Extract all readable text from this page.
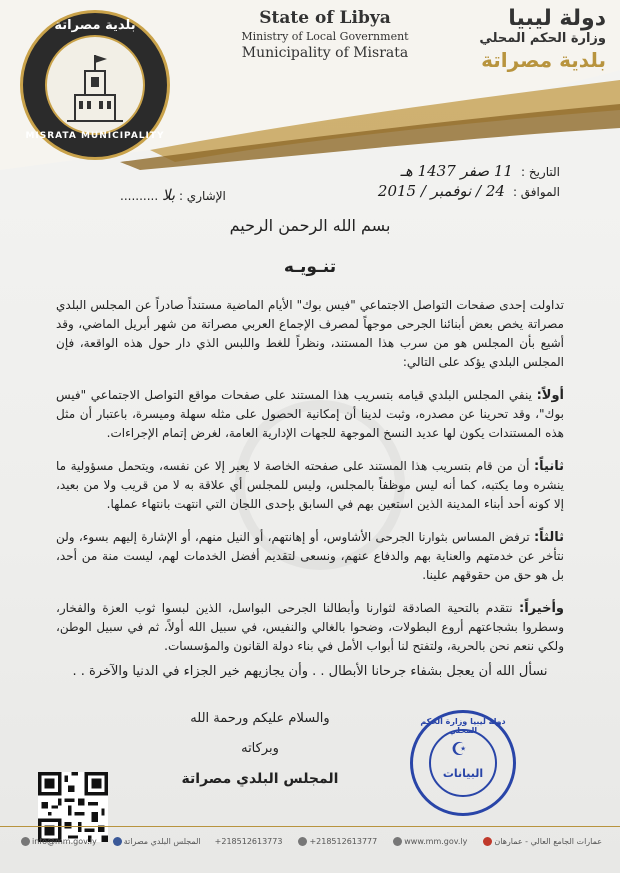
بلدية مصراتة
MISRATA MUNICIPALITY
State of Libya
Ministry of Local Government
Municipality of Misrata
دولة ليبيا
وزارة الحكم المحلي
بلدية مصراتة
التاريخ :
11 صفر 1437 هـ
الموافق :
24 / نوفمبر / 2015
الإشاري : بلا ..........
بسم الله الرحمن الرحيم
تنـويـه

تداولت إحدى صفحات التواصل الاجتماعي "فيس بوك" الأيام الماضية مستنداً صادراً عن المجلس البلدي مصراتة يخص بعض أبنائنا الجرحى موجهاً لمصرف الإجماع العربي مصراتة من شهر أبريل الماضي، وقد أشيع بأن المجلس هو من سرب هذا المستند، ونظراً للغط واللبس الذي دار حول هذه الواقعة، فإن المجلس البلدي يؤكد على التالي:

أولاً: ينفي المجلس البلدي قيامه بتسريب هذا المستند على صفحات مواقع التواصل الاجتماعي "فيس بوك"، وقد تحرينا عن مصدره، وثبت لدينا أن إمكانية الحصول على مثله سهلة وميسرة، باعتبار أن مثل هذه المستندات يكون لها عديد النسخ الموجهة للجهات الإدارية العامة، لغرض إتمام الإجراءات.

ثانياً: أن من قام بتسريب هذا المستند على صفحته الخاصة لا يعبر إلا عن نفسه، ويتحمل مسؤولية ما ينشره وما يكتبه، كما أنه ليس موظفاً بالمجلس، وليس للمجلس أي علاقة به لا من قريب ولا من بعيد، إلا كونه أحد أبناء المدينة الذين استعين بهم في السابق بإحدى اللجان التي انتهت بانتهاء عملها.

ثالثاً: ترفض المساس بثوارنا الجرحى الأشاوس، أو إهانتهم، أو النيل منهم، أو الإشارة إليهم بسوء، ولن نتأخر عن خدمتهم والعناية بهم والدفاع عنهم، ونسعى لتقديم أفضل الخدمات لهم، ليست منة من أحد، بل هو حق من حقوقهم علينا.

وأخيراً: نتقدم بالتحية الصادقة لثوارنا وأبطالنا الجرحى البواسل، الذين لبسوا ثوب العزة والفخار، وسطروا بشجاعتهم أروع البطولات، وضحوا بالغالي والنفيس، في سبيل الله أولاً، ثم في سبيل الوطن، ولكي ننعم نحن بالحرية، ولتفتح لنا أبواب الأمل في بناء دولة القانون والمؤسسات.

نسأل الله أن يعجل بشفاء جرحانا الأبطال . . وأن يجازيهم خير الجزاء في الدنيا والآخرة . .
والسلام عليكم ورحمة الله وبركاته
المجلس البلدي مصراتة
دولة ليبيا وزارة الحكم المحلي
☪
البيانات
info@mm.gov.ly	المجلس البلدي مصراتة +218512613773	+218512613777	www.mm.gov.ly	عمارات الجامع العالي - عمارهان
